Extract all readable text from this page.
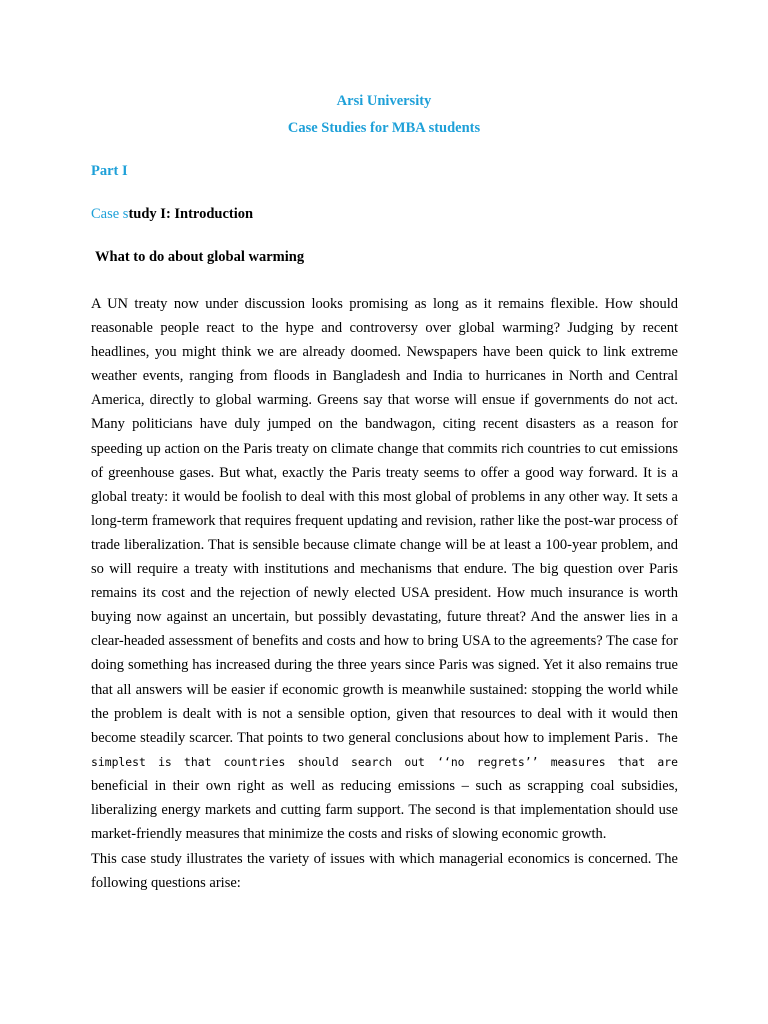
Arsi University

Case Studies for MBA students

Part I

Case study I: Introduction

What to do about global warming

A UN treaty now under discussion looks promising as long as it remains flexible. How should reasonable people react to the hype and controversy over global warming? Judging by recent headlines, you might think we are already doomed. Newspapers have been quick to link extreme weather events, ranging from floods in Bangladesh and India to hurricanes in North and Central America, directly to global warming. Greens say that worse will ensue if governments do not act. Many politicians have duly jumped on the bandwagon, citing recent disasters as a reason for speeding up action on the Paris treaty on climate change that commits rich countries to cut emissions of greenhouse gases. But what, exactly the Paris treaty seems to offer a good way forward. It is a global treaty: it would be foolish to deal with this most global of problems in any other way. It sets a long-term framework that requires frequent updating and revision, rather like the post-war process of trade liberalization. That is sensible because climate change will be at least a 100-year problem, and so will require a treaty with institutions and mechanisms that endure. The big question over Paris remains its cost and the rejection of newly elected USA president. How much insurance is worth buying now against an uncertain, but possibly devastating, future threat? And the answer lies in a clear-headed assessment of benefits and costs and how to bring USA to the agreements? The case for doing something has increased during the three years since Paris was signed. Yet it also remains true that all answers will be easier if economic growth is meanwhile sustained: stopping the world while the problem is dealt with is not a sensible option, given that resources to deal with it would then become steadily scarcer. That points to two general conclusions about how to implement Paris. The simplest is that countries should search out ‘‘no regrets’’ measures that are beneficial in their own right as well as reducing emissions – such as scrapping coal subsidies, liberalizing energy markets and cutting farm support. The second is that implementation should use market-friendly measures that minimize the costs and risks of slowing economic growth.

This case study illustrates the variety of issues with which managerial economics is concerned. The following questions arise:
